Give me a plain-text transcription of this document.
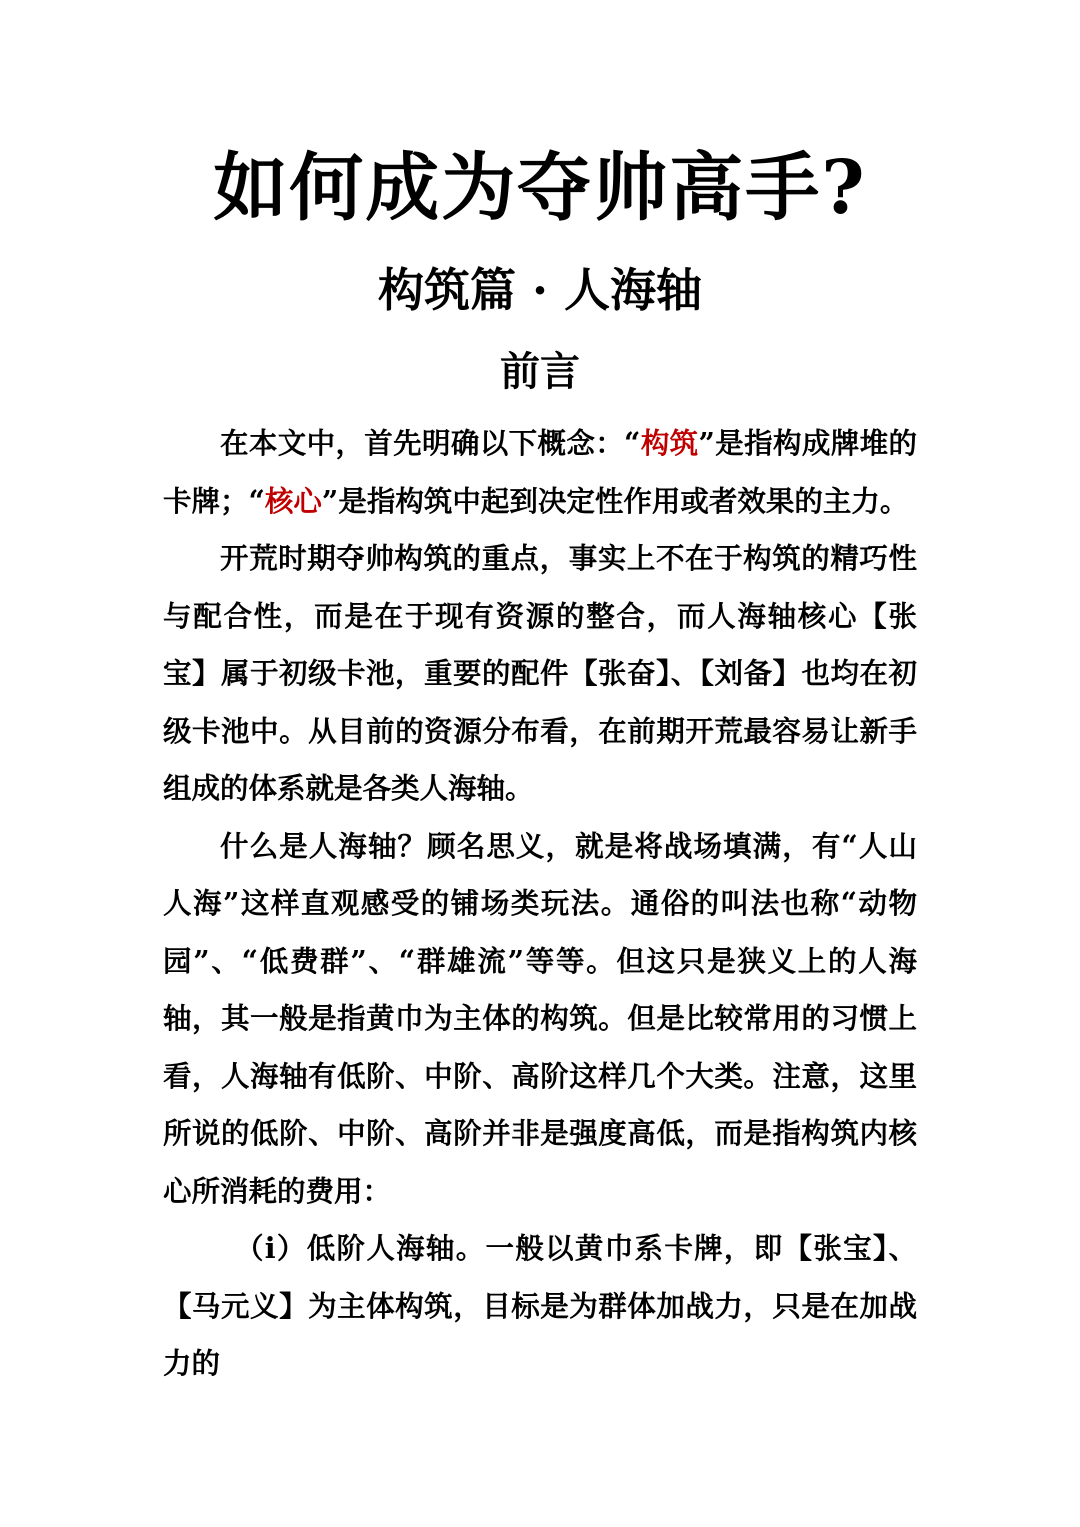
如何成为夺帅高手?
构筑篇 · 人海轴
前言

在本文中，首先明确以下概念：“构筑”是指构成牌堆的卡牌；“核心”是指构筑中起到决定性作用或者效果的主力。

开荒时期夺帅构筑的重点，事实上不在于构筑的精巧性与配合性，而是在于现有资源的整合，而人海轴核心【张宝】属于初级卡池，重要的配件【张奋】、【刘备】也均在初级卡池中。从目前的资源分布看，在前期开荒最容易让新手组成的体系就是各类人海轴。

什么是人海轴？顾名思义，就是将战场填满，有“人山人海”这样直观感受的铺场类玩法。通俗的叫法也称“动物园”、“低费群”、“群雄流”等等。但这只是狭义上的人海轴，其一般是指黄巾为主体的构筑。但是比较常用的习惯上看，人海轴有低阶、中阶、高阶这样几个大类。注意，这里所说的低阶、中阶、高阶并非是强度高低，而是指构筑内核心所消耗的费用：

（i）低阶人海轴。一般以黄巾系卡牌，即【张宝】、【马元义】为主体构筑，目标是为群体加战力，只是在加战力的
